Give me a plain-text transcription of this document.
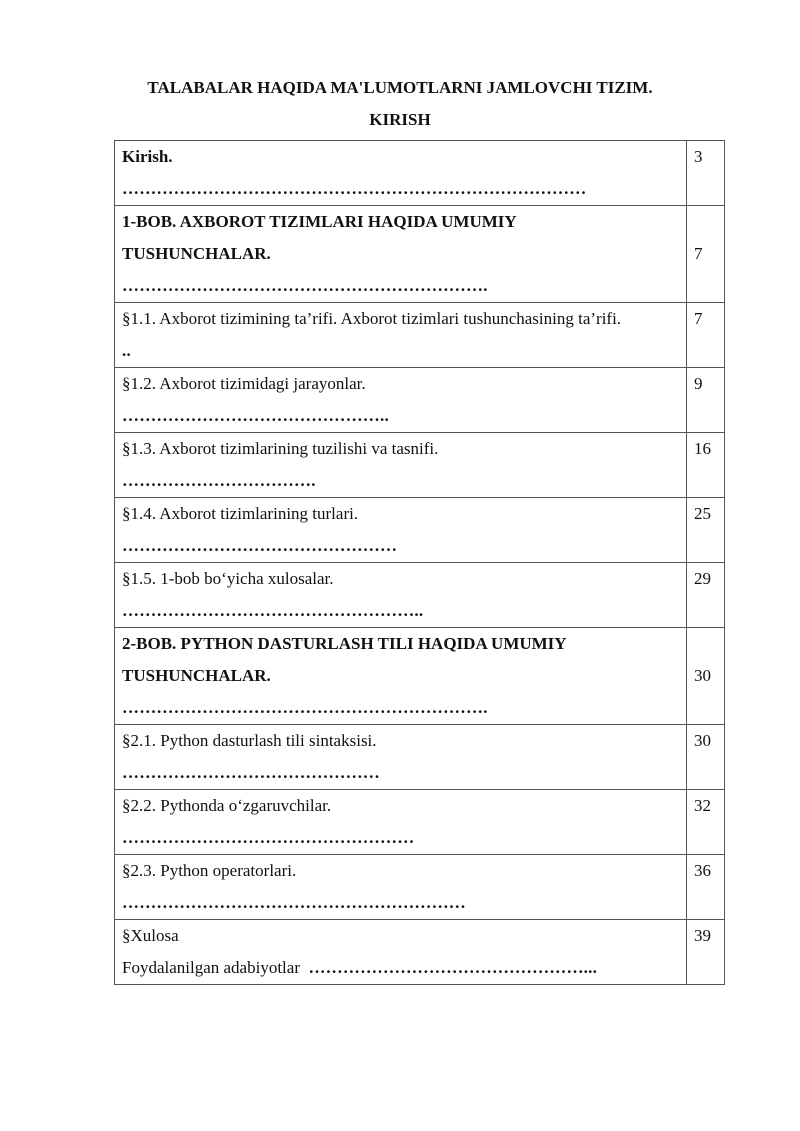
TALABALAR HAQIDA MA'LUMOTLARNI JAMLOVCHI TIZIM.
KIRISH
Kirish.
………………………………………………………………………	3

1-BOB. AXBOROT TIZIMLARI HAQIDA UMUMIY
TUSHUNCHALAR.
……………………………………………………….	7

§1.1. Axborot tizimining ta’rifi. Axborot tizimlari tushunchasining ta’rifi.
..	7

§1.2. Axborot tizimidagi jarayonlar.
………………………………………..	9

§1.3. Axborot tizimlarining tuzilishi va tasnifi.
…………………………….	16

§1.4. Axborot tizimlarining turlari.
…………………………………………	25

§1.5. 1-bob bo‘yicha xulosalar.
……………………………………………..	29

2-BOB. PYTHON DASTURLASH TILI HAQIDA UMUMIY
TUSHUNCHALAR.
……………………………………………………….	30

§2.1. Python dasturlash tili sintaksisi.
………………………………………	30

§2.2. Pythonda o‘zgaruvchilar.
……………………………………………	32

§2.3. Python operatorlari.
……………………………………………………	36

§Xulosa
Foydalanilgan adabiyotlar …………………………………………...	39
